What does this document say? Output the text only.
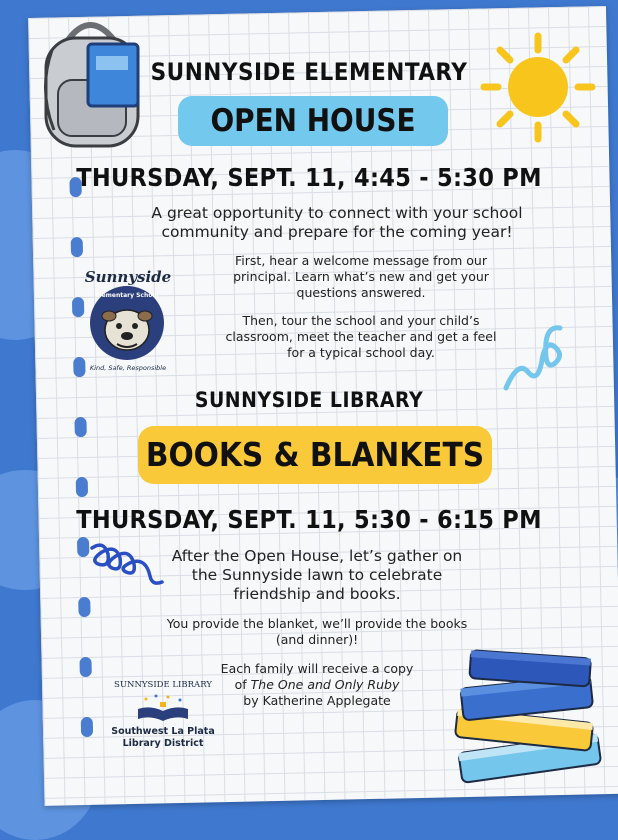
SUNNYSIDE ELEMENTARY
OPEN HOUSE
THURSDAY, SEPT. 11, 4:45 - 5:30 PM
A great opportunity to connect with your school
community and prepare for the coming year!
First, hear a welcome message from our
principal. Learn what’s new and get your
questions answered.
Then, tour the school and your child’s
classroom, meet the teacher and get a feel
for a typical school day.
Sunnyside
Elementary School
Kind, Safe, Responsible
SUNNYSIDE LIBRARY
BOOKS & BLANKETS
THURSDAY, SEPT. 11, 5:30 - 6:15 PM
After the Open House, let’s gather on
the Sunnyside lawn to celebrate
friendship and books.
You provide the blanket, we’ll provide the books
(and dinner)!
Each family will receive a copy
of The One and Only Ruby
by Katherine Applegate
SUNNYSIDE LIBRARY
Southwest La Plata
Library District
